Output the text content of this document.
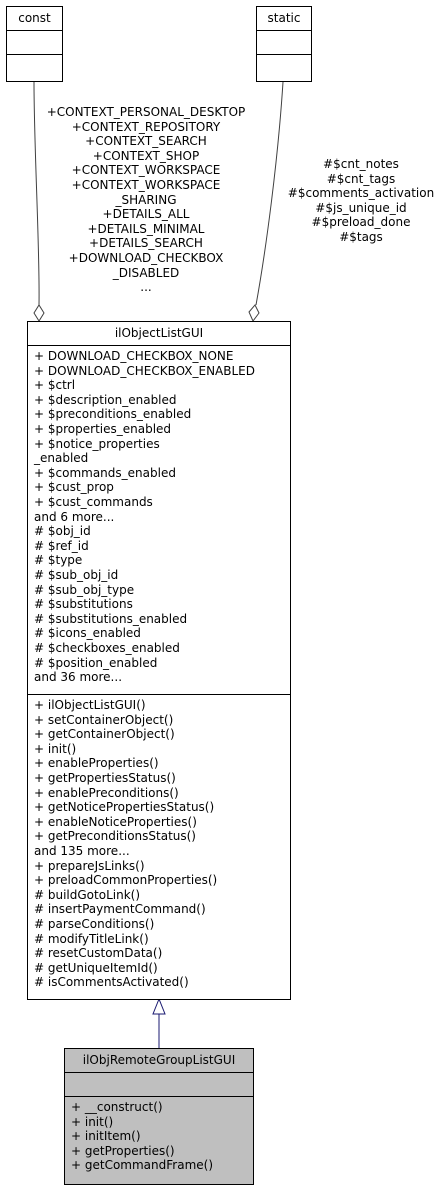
const	static
+CONTEXT_PERSONAL_DESKTOP
+CONTEXT_REPOSITORY
+CONTEXT_SEARCH
+CONTEXT_SHOP
+CONTEXT_WORKSPACE
+CONTEXT_WORKSPACE
_SHARING
+DETAILS_ALL
+DETAILS_MINIMAL
+DETAILS_SEARCH
+DOWNLOAD_CHECKBOX
_DISABLED
...
#$cnt_notes
#$cnt_tags
#$comments_activation
#$js_unique_id
#$preload_done
#$tags
ilObjectListGUI
+ DOWNLOAD_CHECKBOX_NONE
+ DOWNLOAD_CHECKBOX_ENABLED
+ $ctrl
+ $description_enabled
+ $preconditions_enabled
+ $properties_enabled
+ $notice_properties
_enabled
+ $commands_enabled
+ $cust_prop
+ $cust_commands
and 6 more...
# $obj_id
# $ref_id
# $type
# $sub_obj_id
# $sub_obj_type
# $substitutions
# $substitutions_enabled
# $icons_enabled
# $checkboxes_enabled
# $position_enabled
and 36 more...
+ ilObjectListGUI()
+ setContainerObject()
+ getContainerObject()
+ init()
+ enableProperties()
+ getPropertiesStatus()
+ enablePreconditions()
+ getNoticePropertiesStatus()
+ enableNoticeProperties()
+ getPreconditionsStatus()
and 135 more...
+ prepareJsLinks()
+ preloadCommonProperties()
# buildGotoLink()
# insertPaymentCommand()
# parseConditions()
# modifyTitleLink()
# resetCustomData()
# getUniqueItemId()
# isCommentsActivated()
ilObjRemoteGroupListGUI
+ __construct()
+ init()
+ initItem()
+ getProperties()
+ getCommandFrame()
